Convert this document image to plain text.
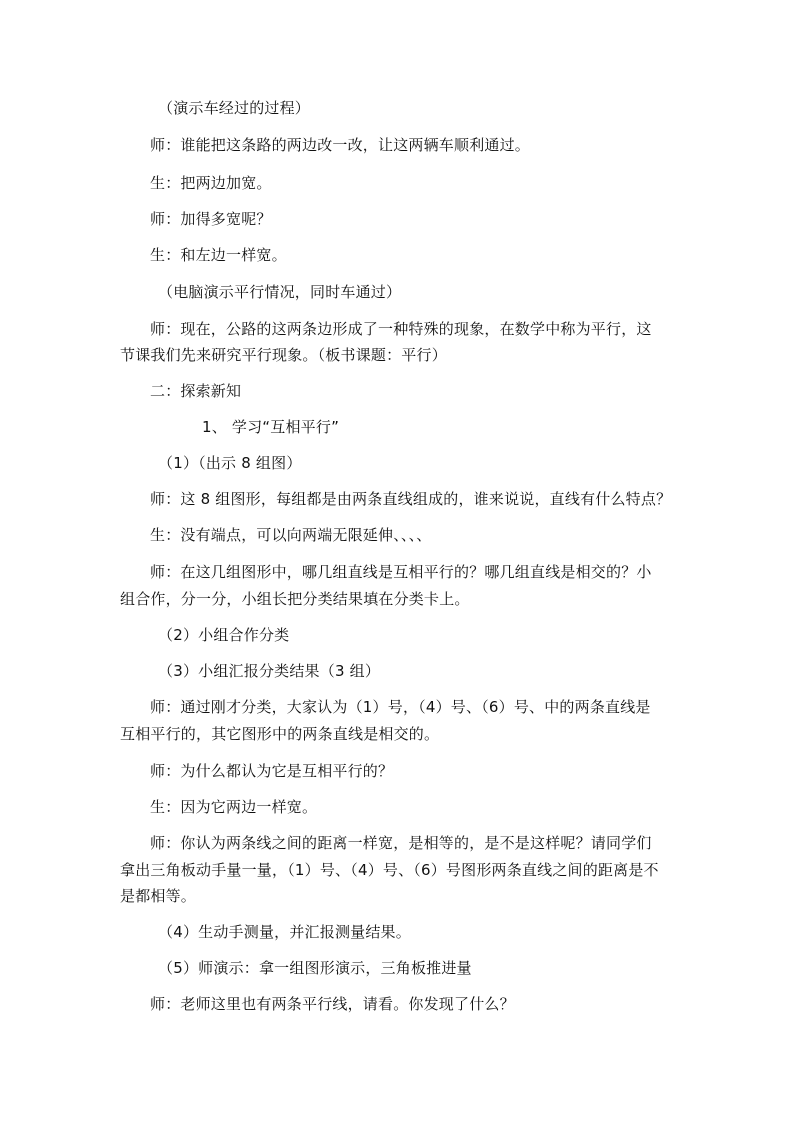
（演示车经过的过程）
师：谁能把这条路的两边改一改，让这两辆车顺利通过。
生：把两边加宽。
师：加得多宽呢？
生：和左边一样宽。
（电脑演示平行情况，同时车通过）
师：现在，公路的这两条边形成了一种特殊的现象，在数学中称为平行，这
节课我们先来研究平行现象。（板书课题：平行）
二：探索新知
1、 学习“互相平行”
（1）（出示 8 组图）
师：这 8 组图形，每组都是由两条直线组成的，谁来说说，直线有什么特点？
生：没有端点，可以向两端无限延伸、、、、
师：在这几组图形中，哪几组直线是互相平行的？哪几组直线是相交的？小
组合作，分一分，小组长把分类结果填在分类卡上。
（2）小组合作分类
（3）小组汇报分类结果（3 组）
师：通过刚才分类，大家认为（1）号，（4）号、（6）号、中的两条直线是
互相平行的，其它图形中的两条直线是相交的。
师：为什么都认为它是互相平行的？
生：因为它两边一样宽。
师：你认为两条线之间的距离一样宽，是相等的，是不是这样呢？请同学们
拿出三角板动手量一量，（1）号、（4）号、（6）号图形两条直线之间的距离是不
是都相等。
（4）生动手测量，并汇报测量结果。
（5）师演示：拿一组图形演示，三角板推进量
师：老师这里也有两条平行线，请看。你发现了什么？
